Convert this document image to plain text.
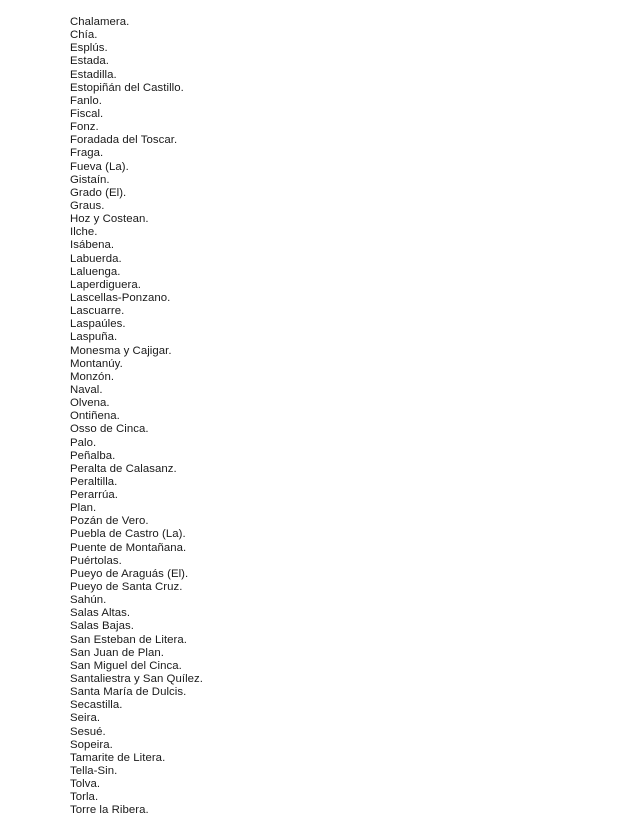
Chalamera.
Chía.
Esplús.
Estada.
Estadilla.
Estopiñán del Castillo.
Fanlo.
Fiscal.
Fonz.
Foradada del Toscar.
Fraga.
Fueva (La).
Gistaín.
Grado (El).
Graus.
Hoz y Costean.
Ilche.
Isábena.
Labuerda.
Laluenga.
Laperdiguera.
Lascellas-Ponzano.
Lascuarre.
Laspaúles.
Laspuña.
Monesma y Cajigar.
Montanúy.
Monzón.
Naval.
Olvena.
Ontiñena.
Osso de Cinca.
Palo.
Peñalba.
Peralta de Calasanz.
Peraltilla.
Perarrúa.
Plan.
Pozán de Vero.
Puebla de Castro (La).
Puente de Montañana.
Puértolas.
Pueyo de Araguás (El).
Pueyo de Santa Cruz.
Sahún.
Salas Altas.
Salas Bajas.
San Esteban de Litera.
San Juan de Plan.
San Miguel del Cinca.
Santaliestra y San Quílez.
Santa María de Dulcis.
Secastilla.
Seira.
Sesué.
Sopeira.
Tamarite de Litera.
Tella-Sin.
Tolva.
Torla.
Torre la Ribera.
